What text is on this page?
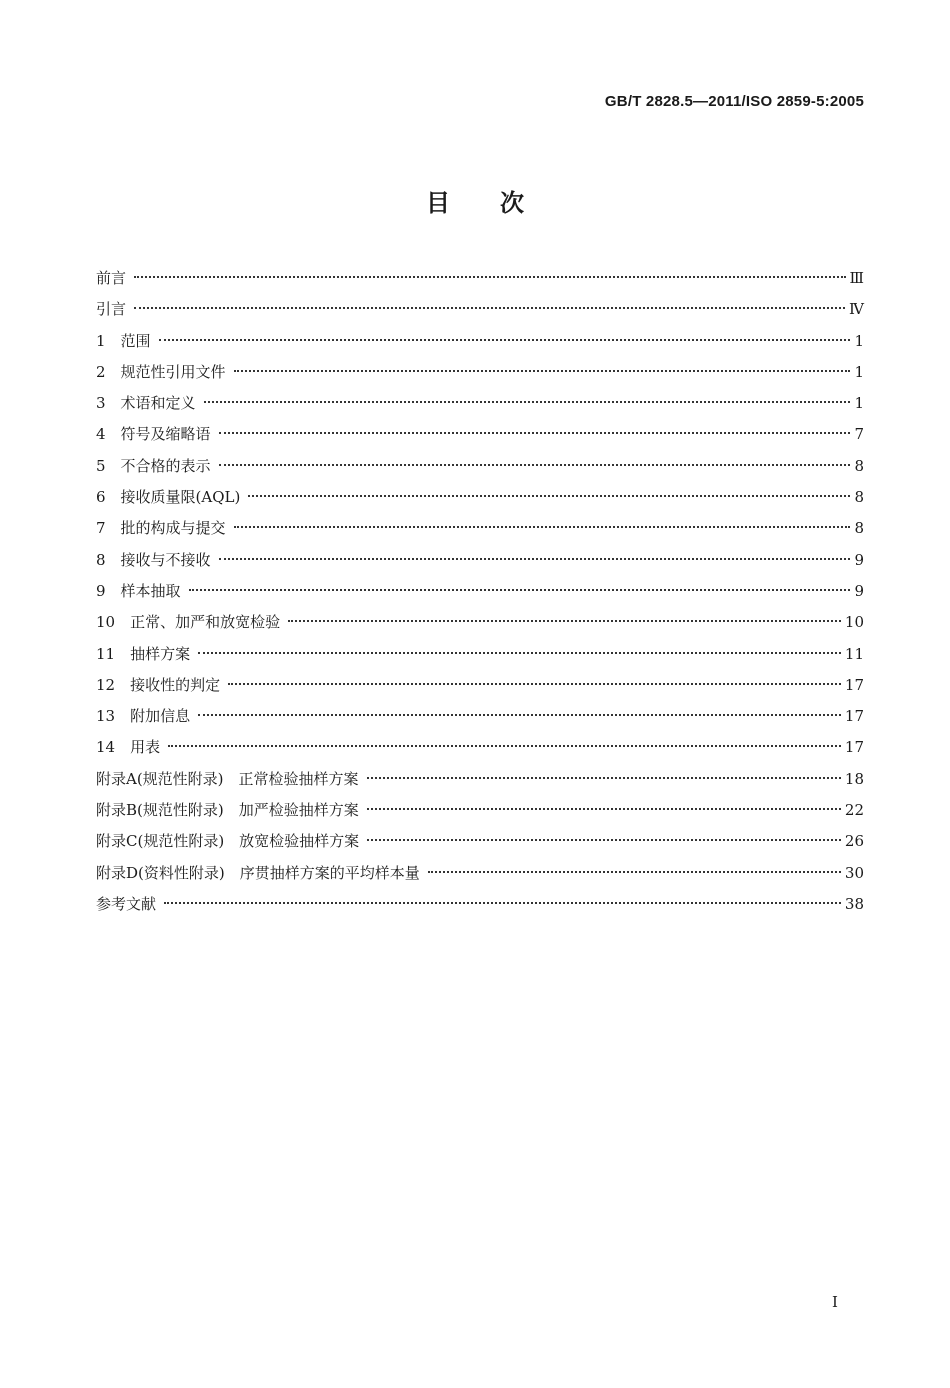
GB/T 2828.5—2011/ISO 2859-5:2005
目次
前言	Ⅲ
引言	Ⅳ
1　范围	1
2　规范性引用文件	1
3　术语和定义	1
4　符号及缩略语	7
5　不合格的表示	8
6　接收质量限(AQL)	8
7　批的构成与提交	8
8　接收与不接收	9
9　样本抽取	9
10　正常、加严和放宽检验	10
11　抽样方案	11
12　接收性的判定	17
13　附加信息	17
14　用表	17
附录A(规范性附录)　正常检验抽样方案	18
附录B(规范性附录)　加严检验抽样方案	22
附录C(规范性附录)　放宽检验抽样方案	26
附录D(资料性附录)　序贯抽样方案的平均样本量	30
参考文献	38
I
